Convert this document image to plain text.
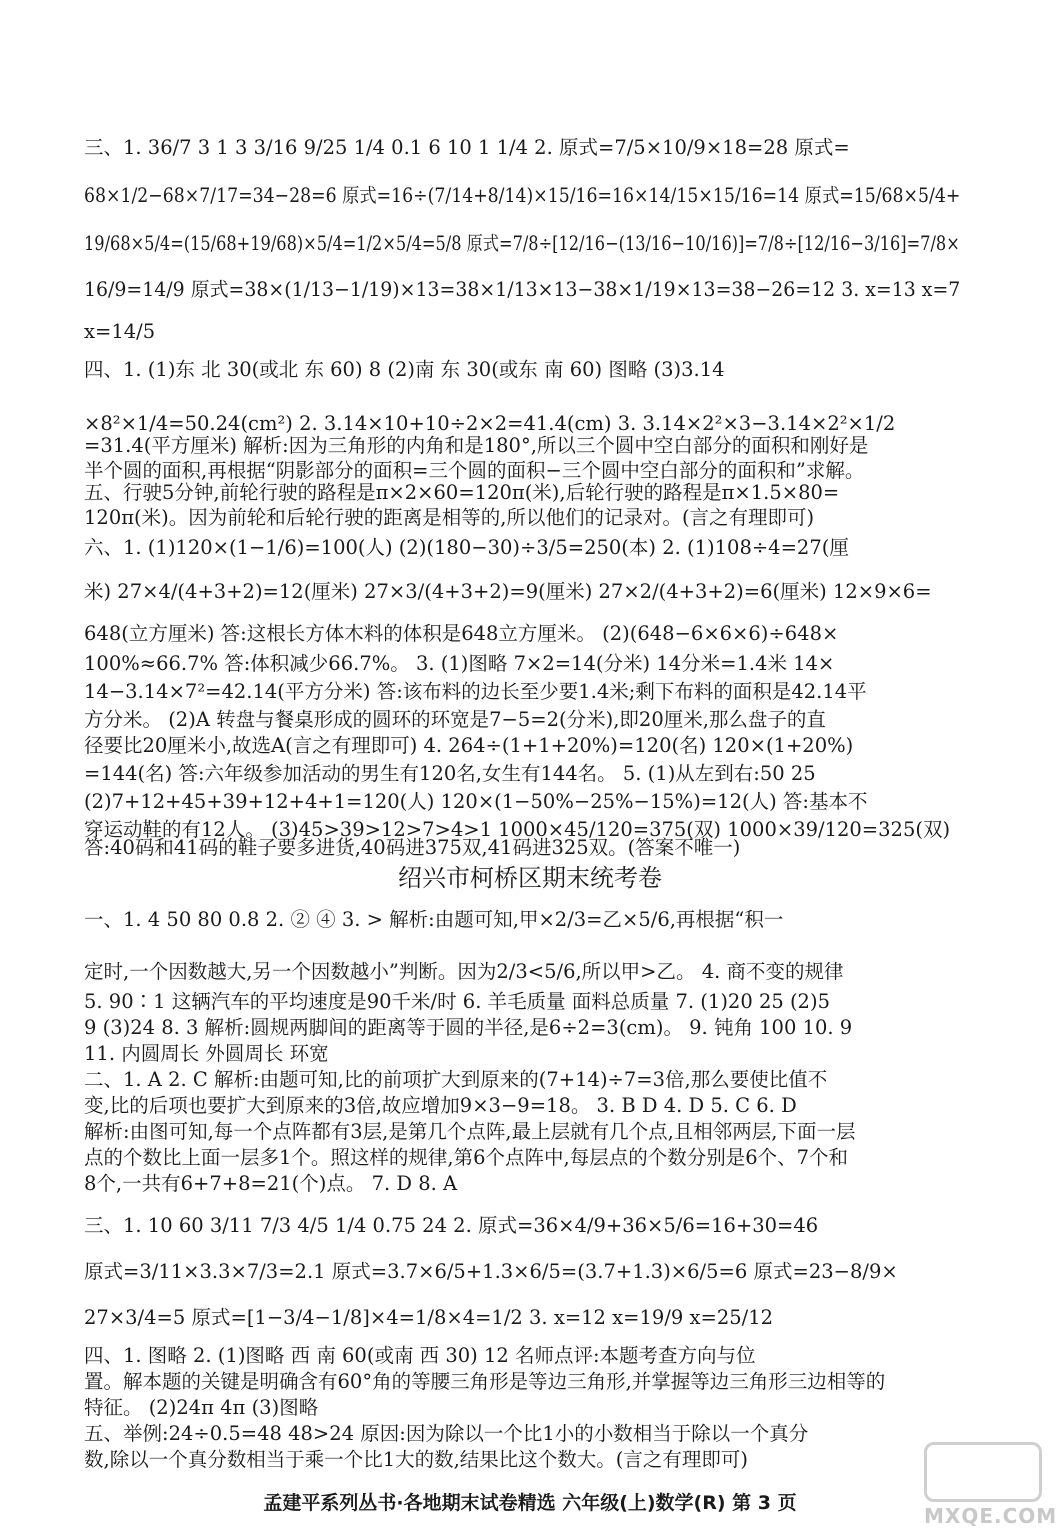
三、1. 36/7 3 1 3 3/16 9/25 1/4 0.1 6 10 1 1/4 2. 原式=7/5×10/9×18=28 原式=
68×1/2−68×7/17=34−28=6 原式=16÷(7/14+8/14)×15/16=16×14/15×15/16=14 原式=15/68×5/4+
19/68×5/4=(15/68+19/68)×5/4=1/2×5/4=5/8 原式=7/8÷[12/16−(13/16−10/16)]=7/8÷[12/16−3/16]=7/8×
16/9=14/9 原式=38×(1/13−1/19)×13=38×1/13×13−38×1/19×13=38−26=12 3. x=13 x=7
x=14/5
四、1. (1)东 北 30(或北 东 60) 8 (2)南 东 30(或东 南 60) 图略 (3)3.14
×8²×1/4=50.24(cm²) 2. 3.14×10+10÷2×2=41.4(cm) 3. 3.14×2²×3−3.14×2²×1/2
=31.4(平方厘米) 解析:因为三角形的内角和是180°,所以三个圆中空白部分的面积和刚好是
半个圆的面积,再根据“阴影部分的面积=三个圆的面积−三个圆中空白部分的面积和”求解。
五、行驶5分钟,前轮行驶的路程是π×2×60=120π(米),后轮行驶的路程是π×1.5×80=
120π(米)。因为前轮和后轮行驶的距离是相等的,所以他们的记录对。(言之有理即可)
六、1. (1)120×(1−1/6)=100(人) (2)(180−30)÷3/5=250(本) 2. (1)108÷4=27(厘
米) 27×4/(4+3+2)=12(厘米) 27×3/(4+3+2)=9(厘米) 27×2/(4+3+2)=6(厘米) 12×9×6=
648(立方厘米) 答:这根长方体木料的体积是648立方厘米。 (2)(648−6×6×6)÷648×
100%≈66.7% 答:体积减少66.7%。 3. (1)图略 7×2=14(分米) 14分米=1.4米 14×
14−3.14×7²=42.14(平方分米) 答:该布料的边长至少要1.4米;剩下布料的面积是42.14平
方分米。 (2)A 转盘与餐桌形成的圆环的环宽是7−5=2(分米),即20厘米,那么盘子的直
径要比20厘米小,故选A(言之有理即可) 4. 264÷(1+1+20%)=120(名) 120×(1+20%)
=144(名) 答:六年级参加活动的男生有120名,女生有144名。 5. (1)从左到右:50 25
(2)7+12+45+39+12+4+1=120(人) 120×(1−50%−25%−15%)=12(人) 答:基本不
穿运动鞋的有12人。 (3)45>39>12>7>4>1 1000×45/120=375(双) 1000×39/120=325(双)
答:40码和41码的鞋子要多进货,40码进375双,41码进325双。(答案不唯一)
绍兴市柯桥区期末统考卷
一、1. 4 50 80 0.8 2. ② ④ 3. > 解析:由题可知,甲×2/3=乙×5/6,再根据“积一
定时,一个因数越大,另一个因数越小”判断。因为2/3<5/6,所以甲>乙。 4. 商不变的规律
5. 90∶1 这辆汽车的平均速度是90千米/时 6. 羊毛质量 面料总质量 7. (1)20 25 (2)5
9 (3)24 8. 3 解析:圆规两脚间的距离等于圆的半径,是6÷2=3(cm)。 9. 钝角 100 10. 9
11. 内圆周长 外圆周长 环宽
二、1. A 2. C 解析:由题可知,比的前项扩大到原来的(7+14)÷7=3倍,那么要使比值不
变,比的后项也要扩大到原来的3倍,故应增加9×3−9=18。 3. B D 4. D 5. C 6. D
解析:由图可知,每一个点阵都有3层,是第几个点阵,最上层就有几个点,且相邻两层,下面一层
点的个数比上面一层多1个。照这样的规律,第6个点阵中,每层点的个数分别是6个、7个和
8个,一共有6+7+8=21(个)点。 7. D 8. A
三、1. 10 60 3/11 7/3 4/5 1/4 0.75 24 2. 原式=36×4/9+36×5/6=16+30=46
原式=3/11×3.3×7/3=2.1 原式=3.7×6/5+1.3×6/5=(3.7+1.3)×6/5=6 原式=23−8/9×
27×3/4=5 原式=[1−3/4−1/8]×4=1/8×4=1/2 3. x=12 x=19/9 x=25/12
四、1. 图略 2. (1)图略 西 南 60(或南 西 30) 12 名师点评:本题考查方向与位
置。解本题的关键是明确含有60°角的等腰三角形是等边三角形,并掌握等边三角形三边相等的
特征。 (2)24π 4π (3)图略
五、举例:24÷0.5=48 48>24 原因:因为除以一个比1小的小数相当于除以一个真分
数,除以一个真分数相当于乘一个比1大的数,结果比这个数大。(言之有理即可)
孟建平系列丛书·各地期末试卷精选 六年级(上)数学(R) 第 3 页
MXQE.COM
